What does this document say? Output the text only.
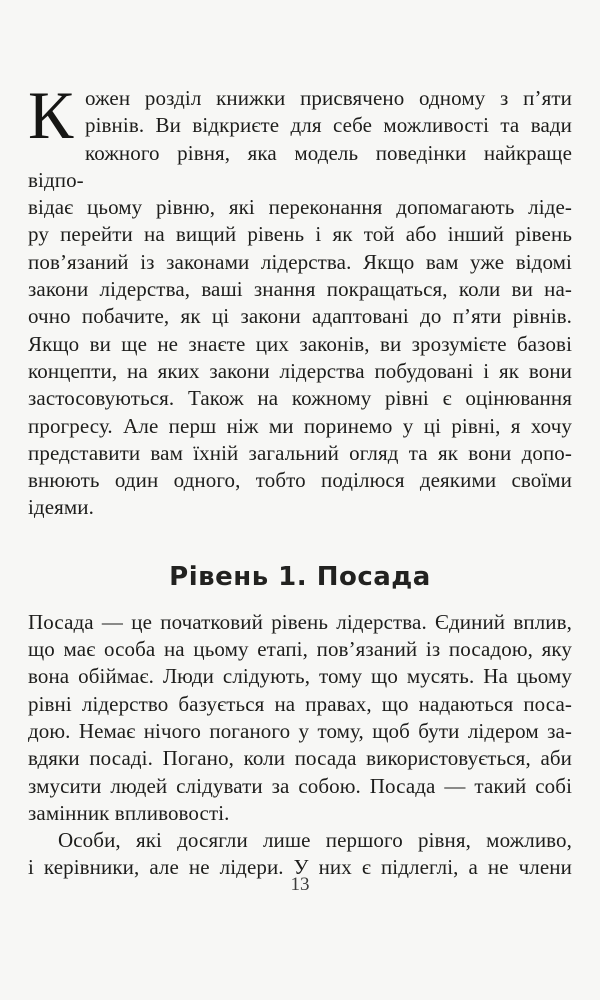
К ожен розділ книжки присвячено одному з п’яти
рівнів. Ви відкриєте для себе можливості та вади
кожного рівня, яка модель поведінки найкраще відпо-
відає цьому рівню, які переконання допомагають ліде-
ру перейти на вищий рівень і як той або інший рівень
пов’язаний із законами лідерства. Якщо вам уже відомі
закони лідерства, ваші знання покращаться, коли ви на-
очно побачите, як ці закони адаптовані до п’яти рівнів.
Якщо ви ще не знаєте цих законів, ви зрозумієте базові
концепти, на яких закони лідерства побудовані і як вони
застосовуються. Також на кожному рівні є оцінювання
прогресу. Але перш ніж ми поринемо у ці рівні, я хочу
представити вам їхній загальний огляд та як вони допо-
внюють один одного, тобто поділюся деякими своїми
ідеями.
Рівень 1. Посада
Посада — це початковий рівень лідерства. Єдиний вплив,
що має особа на цьому етапі, пов’язаний із посадою, яку
вона обіймає. Люди слідують, тому що мусять. На цьому
рівні лідерство базується на правах, що надаються поса-
дою. Немає нічого поганого у тому, щоб бути лідером за-
вдяки посаді. Погано, коли посада використовується, аби
змусити людей слідувати за собою. Посада — такий собі
замінник впливовості.
Особи, які досягли лише першого рівня, можливо,
і керівники, але не лідери. У них є підлеглі, а не члени
13
